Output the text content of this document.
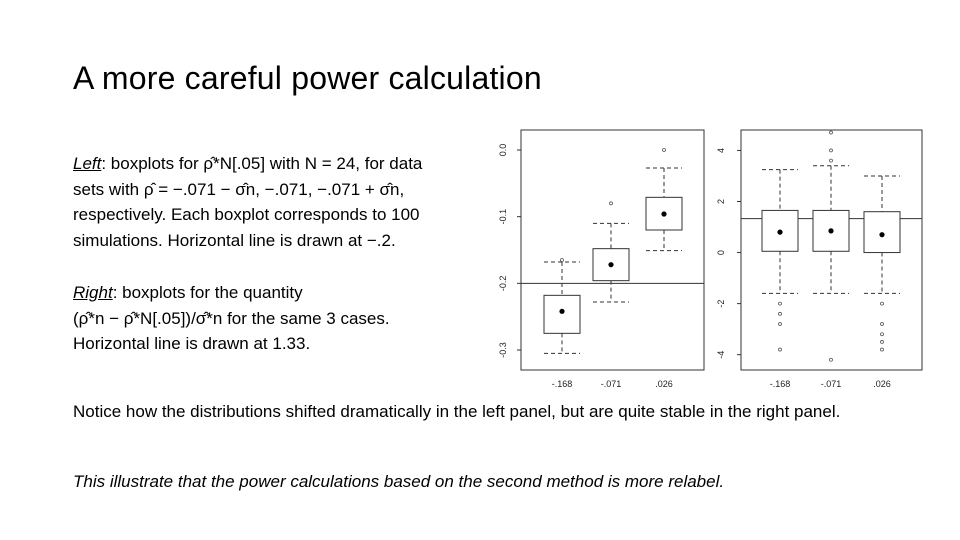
A more careful power calculation

Left: boxplots for ρ̂*N[.05] with N = 24, for data
sets with ρ̂ = −.071 − σ̂n, −.071, −.071 + σ̂n,
respectively. Each boxplot corresponds to 100
simulations. Horizontal line is drawn at −.2.

Right: boxplots for the quantity
(ρ̂*n − ρ̂*N[.05])/σ̂*n for the same 3 cases.
Horizontal line is drawn at 1.33.	-0.3
-0.2
-0.1
0.0
-.168	-.071	.026
-4
-2
0
2
4
-.168	-.071	.026
Notice how the distributions shifted dramatically in the left panel, but are quite stable in the right panel.
This illustrate that the power calculations based on the second method is more relabel.
